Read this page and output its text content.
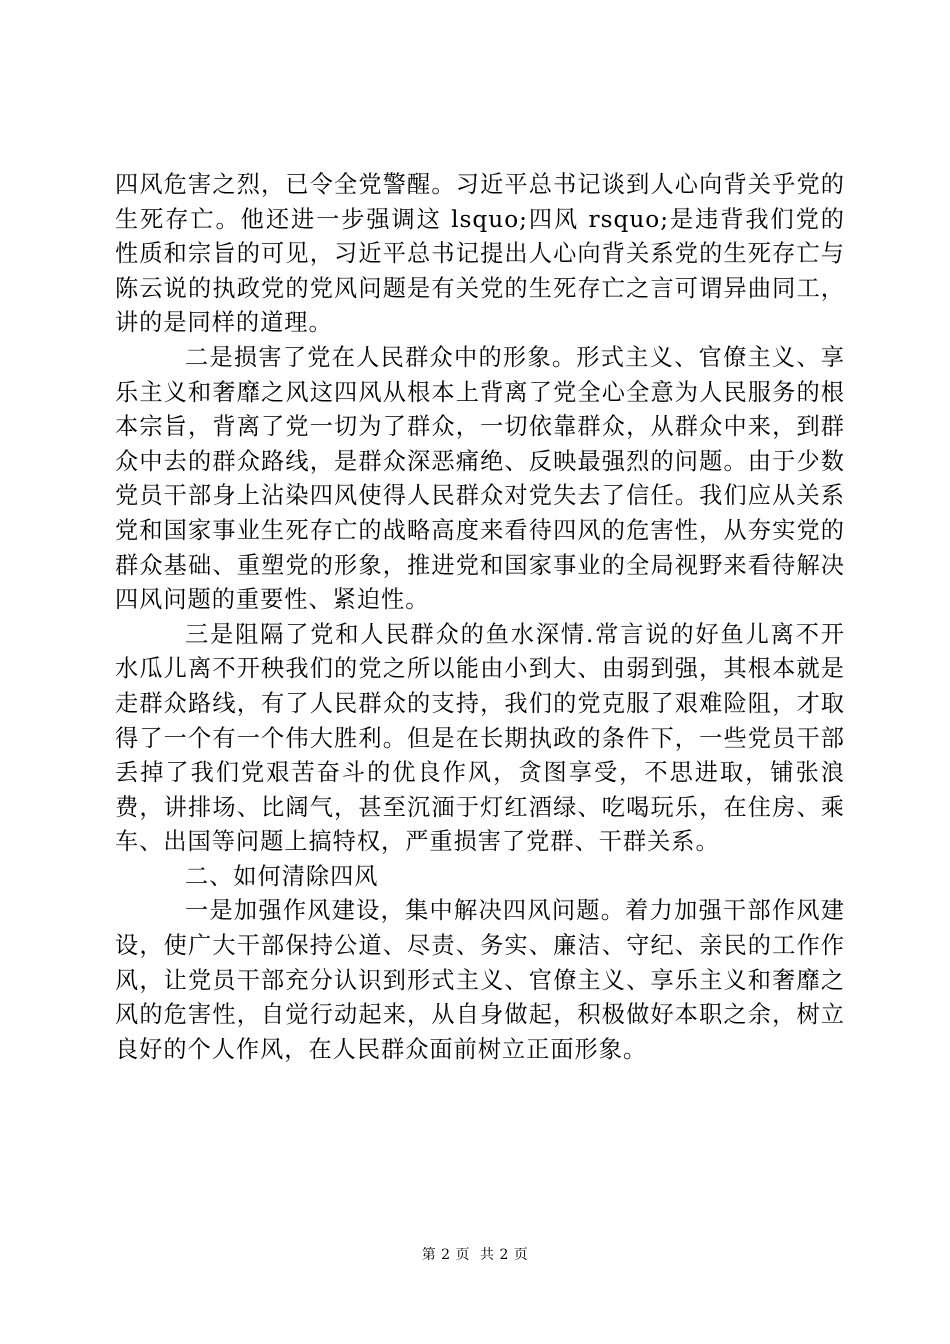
四风危害之烈，已令全党警醒。习近平总书记谈到人心向背关乎党的生死存亡。他还进一步强调这 lsquo;四风 rsquo;是违背我们党的性质和宗旨的可见，习近平总书记提出人心向背关系党的生死存亡与陈云说的执政党的党风问题是有关党的生死存亡之言可谓异曲同工，讲的是同样的道理。

二是损害了党在人民群众中的形象。形式主义、官僚主义、享乐主义和奢靡之风这四风从根本上背离了党全心全意为人民服务的根本宗旨，背离了党一切为了群众，一切依靠群众，从群众中来，到群众中去的群众路线，是群众深恶痛绝、反映最强烈的问题。由于少数党员干部身上沾染四风使得人民群众对党失去了信任。我们应从关系党和国家事业生死存亡的战略高度来看待四风的危害性，从夯实党的群众基础、重塑党的形象，推进党和国家事业的全局视野来看待解决四风问题的重要性、紧迫性。

三是阻隔了党和人民群众的鱼水深情.常言说的好鱼儿离不开水瓜儿离不开秧我们的党之所以能由小到大、由弱到强，其根本就是走群众路线，有了人民群众的支持，我们的党克服了艰难险阻，才取得了一个有一个伟大胜利。但是在长期执政的条件下，一些党员干部丢掉了我们党艰苦奋斗的优良作风，贪图享受，不思进取，铺张浪费，讲排场、比阔气，甚至沉湎于灯红酒绿、吃喝玩乐，在住房、乘车、出国等问题上搞特权，严重损害了党群、干群关系。

二、如何清除四风

一是加强作风建设，集中解决四风问题。着力加强干部作风建设，使广大干部保持公道、尽责、务实、廉洁、守纪、亲民的工作作风，让党员干部充分认识到形式主义、官僚主义、享乐主义和奢靡之风的危害性，自觉行动起来，从自身做起，积极做好本职之余，树立良好的个人作风，在人民群众面前树立正面形象。

第 2 页 共 2 页
